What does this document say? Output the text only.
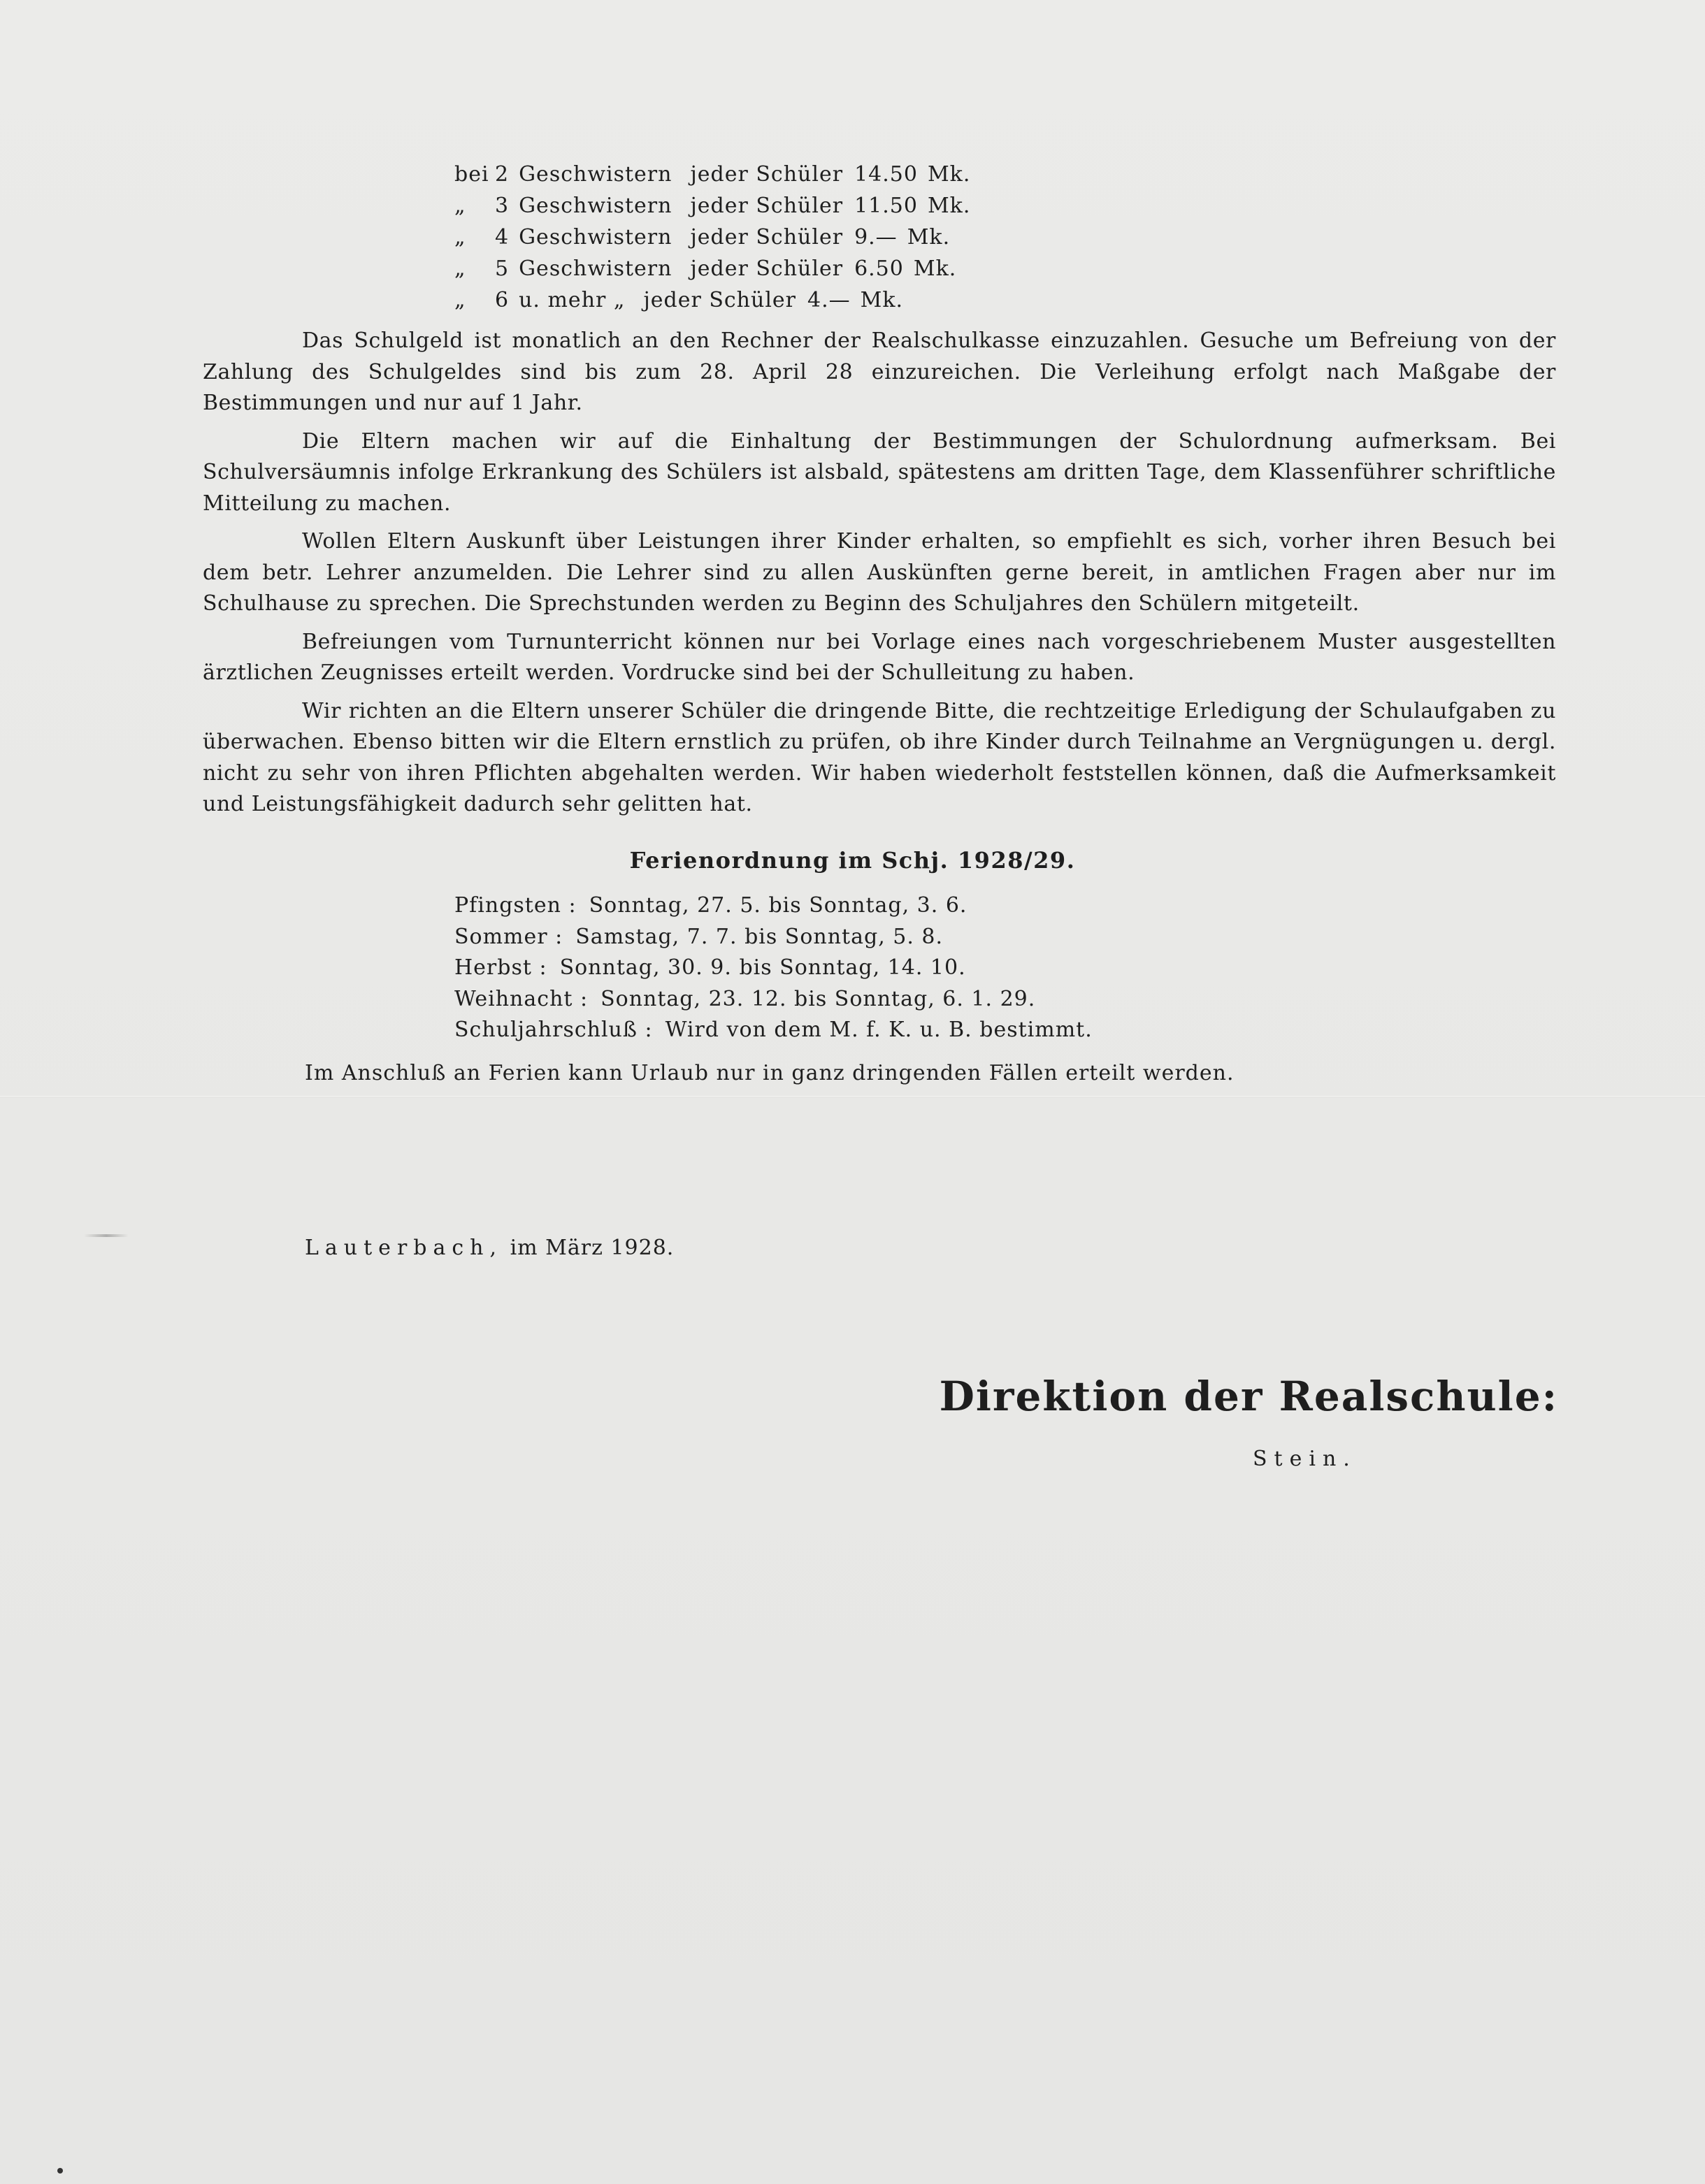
bei 2 Geschwistern jeder Schüler 14.50 Mk.
„	3 Geschwistern jeder Schüler 11.50 Mk.
„	4 Geschwistern jeder Schüler 9.— Mk.
„	5 Geschwistern jeder Schüler 6.50 Mk.
„	6 u. mehr „ jeder Schüler 4.— Mk.

Das Schulgeld ist monatlich an den Rechner der Realschulkasse einzuzahlen. Gesuche um Befreiung von der Zahlung des Schulgeldes sind bis zum 28. April 28 einzureichen. Die Verleihung erfolgt nach Maßgabe der Bestimmungen und nur auf 1 Jahr.

Die Eltern machen wir auf die Einhaltung der Bestimmungen der Schulordnung aufmerksam. Bei Schulversäumnis infolge Erkrankung des Schülers ist alsbald, spätestens am dritten Tage, dem Klassenführer schriftliche Mitteilung zu machen.

Wollen Eltern Auskunft über Leistungen ihrer Kinder erhalten, so empfiehlt es sich, vorher ihren Besuch bei dem betr. Lehrer anzumelden. Die Lehrer sind zu allen Auskünften gerne bereit, in amtlichen Fragen aber nur im Schulhause zu sprechen. Die Sprechstunden werden zu Beginn des Schuljahres den Schülern mitgeteilt.

Befreiungen vom Turnunterricht können nur bei Vorlage eines nach vorgeschriebenem Muster ausgestellten ärztlichen Zeugnisses erteilt werden. Vordrucke sind bei der Schulleitung zu haben.

Wir richten an die Eltern unserer Schüler die dringende Bitte, die rechtzeitige Erledigung der Schulaufgaben zu überwachen. Ebenso bitten wir die Eltern ernstlich zu prüfen, ob ihre Kinder durch Teilnahme an Vergnügungen u. dergl. nicht zu sehr von ihren Pflichten abgehalten werden. Wir haben wiederholt feststellen können, daß die Aufmerksamkeit und Leistungsfähigkeit dadurch sehr gelitten hat.

Ferienordnung im Schj. 1928/29.
Pfingsten : Sonntag, 27. 5. bis Sonntag, 3. 6.
Sommer : Samstag, 7. 7. bis Sonntag, 5. 8.
Herbst : Sonntag, 30. 9. bis Sonntag, 14. 10.
Weihnacht : Sonntag, 23. 12. bis Sonntag, 6. 1. 29.
Schuljahrschluß : Wird von dem M. f. K. u. B. bestimmt.
Im Anschluß an Ferien kann Urlaub nur in ganz dringenden Fällen erteilt werden.
Lauterbach, im März 1928.
Direktion der Realschule:
Stein.
